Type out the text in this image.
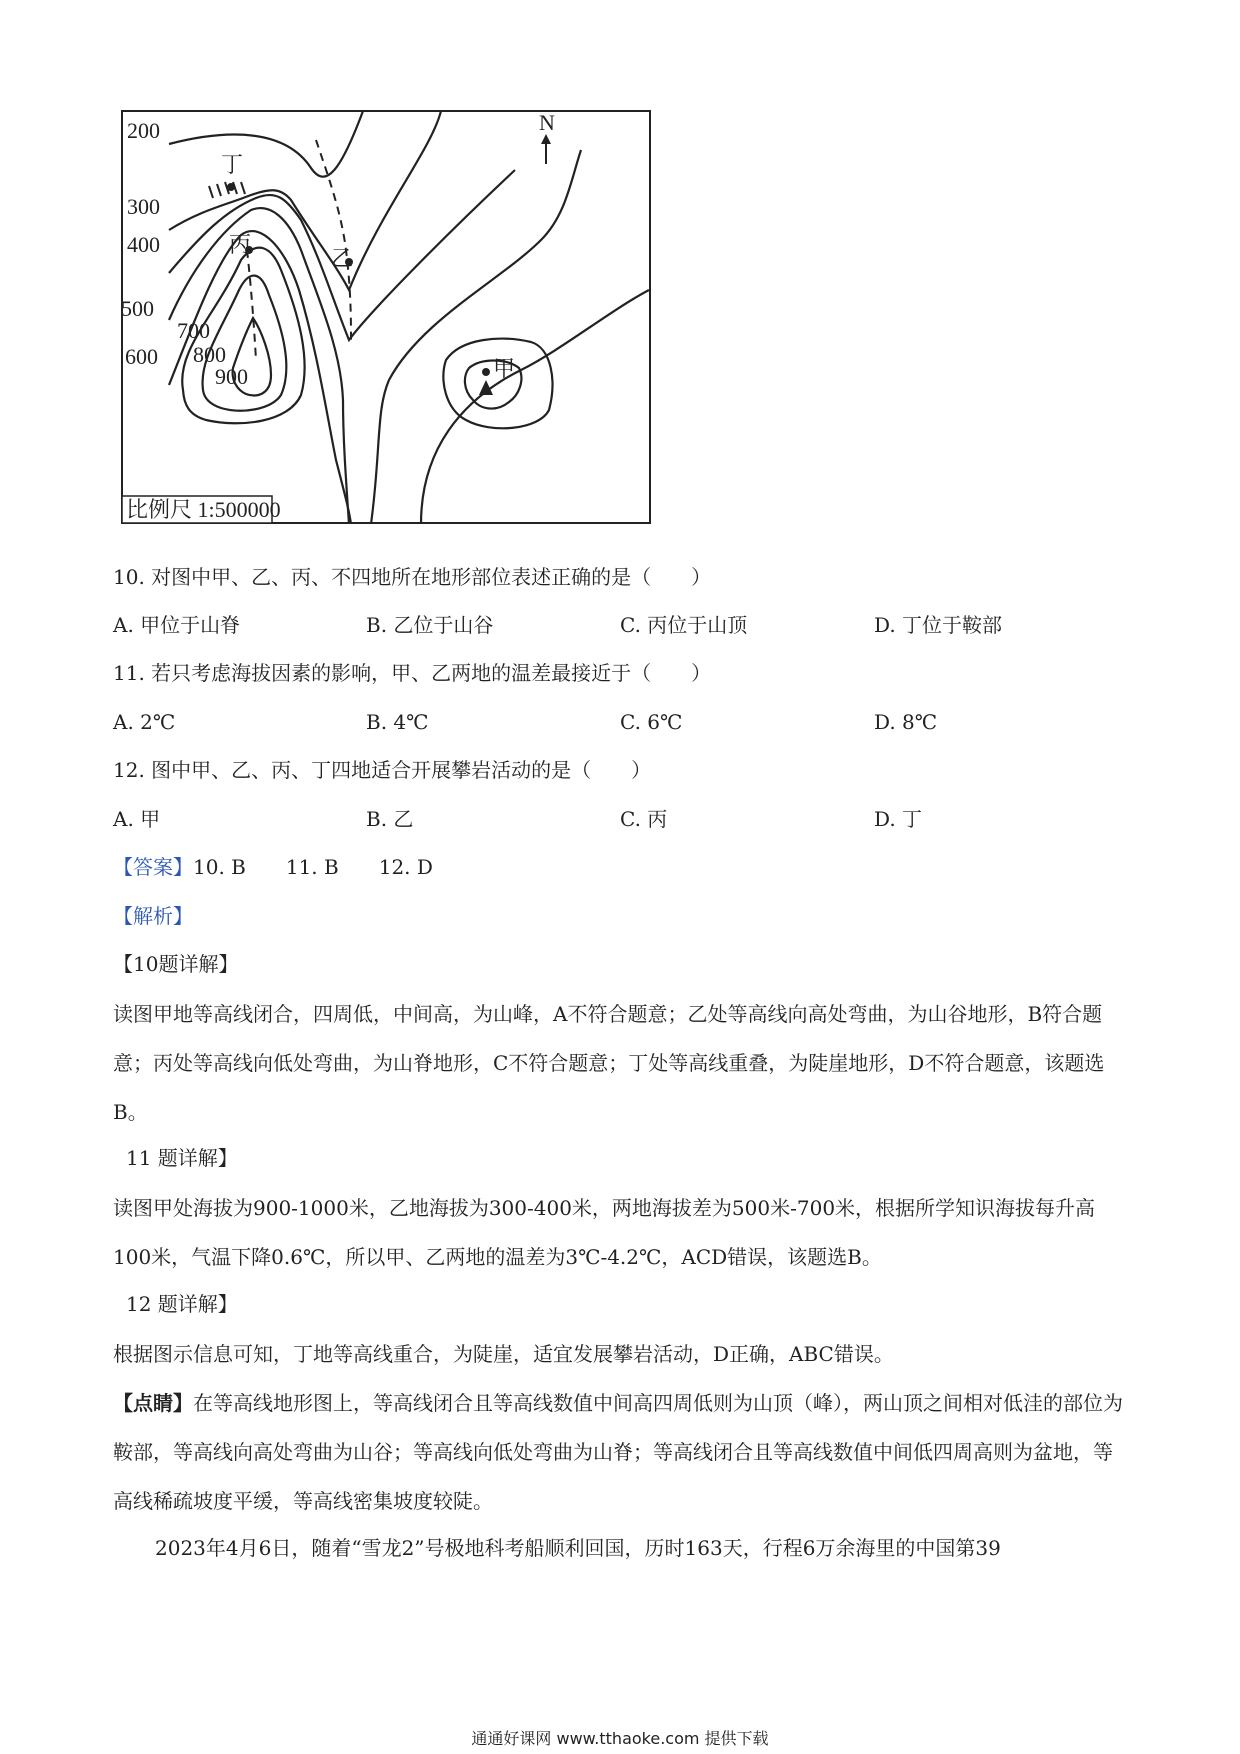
N
200
300
400
500
600
700
800
900
丁
丙
乙
甲
比例尺 1:500000
10. 对图中甲、乙、丙、不四地所在地形部位表述正确的是（　　）
A. 甲位于山脊	B. 乙位于山谷	C. 丙位于山顶	D. 丁位于鞍部
11. 若只考虑海拔因素的影响，甲、乙两地的温差最接近于（　　）
A. 2℃	B. 4℃	C. 6℃	D. 8℃
12. 图中甲、乙、丙、丁四地适合开展攀岩活动的是（　　）
A. 甲	B. 乙	C. 丙	D. 丁
【答案】10. B　　11. B　　12. D
【解析】
【10题详解】

读图甲地等高线闭合，四周低，中间高，为山峰，A不符合题意；乙处等高线向高处弯曲，为山谷地形，B符合题意；丙处等高线向低处弯曲，为山脊地形，C不符合题意；丁处等高线重叠，为陡崖地形，D不符合题意，该题选B。

11 题详解】

读图甲处海拔为900-1000米，乙地海拔为300-400米，两地海拔差为500米-700米，根据所学知识海拔每升高100米，气温下降0.6℃，所以甲、乙两地的温差为3℃-4.2℃，ACD错误，该题选B。

12 题详解】

根据图示信息可知，丁地等高线重合，为陡崖，适宜发展攀岩活动，D正确，ABC错误。

【点睛】在等高线地形图上，等高线闭合且等高线数值中间高四周低则为山顶（峰），两山顶之间相对低洼的部位为鞍部，等高线向高处弯曲为山谷；等高线向低处弯曲为山脊；等高线闭合且等高线数值中间低四周高则为盆地，等高线稀疏坡度平缓，等高线密集坡度较陡。

2023年4月6日，随着“雪龙2”号极地科考船顺利回国，历时163天，行程6万余海里的中国第39

通通好课网 www.tthaoke.com 提供下载
